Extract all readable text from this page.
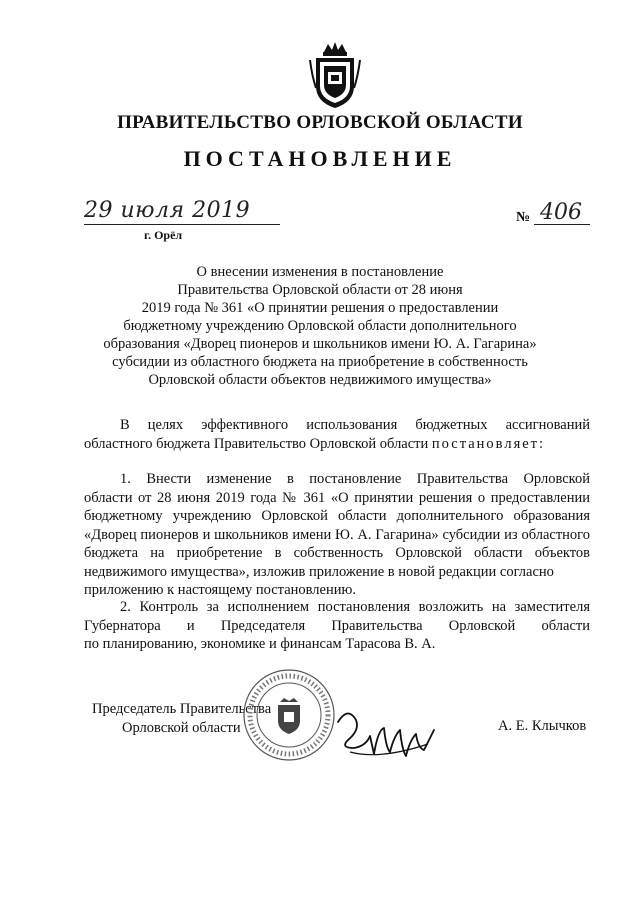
ПРАВИТЕЛЬСТВО ОРЛОВСКОЙ ОБЛАСТИ
ПОСТАНОВЛЕНИЕ
29 июля 2019
г. Орёл
№ 406
О внесении изменения в постановление
Правительства Орловской области от 28 июня
2019 года № 361 «О принятии решения о предоставлении
бюджетному учреждению Орловской области дополнительного
образования «Дворец пионеров и школьников имени Ю. А. Гагарина»
субсидии из областного бюджета на приобретение в собственность
Орловской области объектов недвижимого имущества»
В целях эффективного использования бюджетных ассигнований
областного бюджета Правительство Орловской области постановляет:
1. Внести изменение в постановление Правительства Орловской
области от 28 июня 2019 года № 361 «О принятии решения о предоставлении
бюджетному учреждению Орловской области дополнительного образования
«Дворец пионеров и школьников имени Ю. А. Гагарина» субсидии из областного
бюджета на приобретение в собственность Орловской области объектов
недвижимого имущества», изложив приложение в новой редакции согласно
приложению к настоящему постановлению.
2. Контроль за исполнением постановления возложить на заместителя
Губернатора и Председателя Правительства Орловской области
по планированию, экономике и финансам Тарасова В. А.
Председатель Правительства
Орловской области	А. Е. Клычков
